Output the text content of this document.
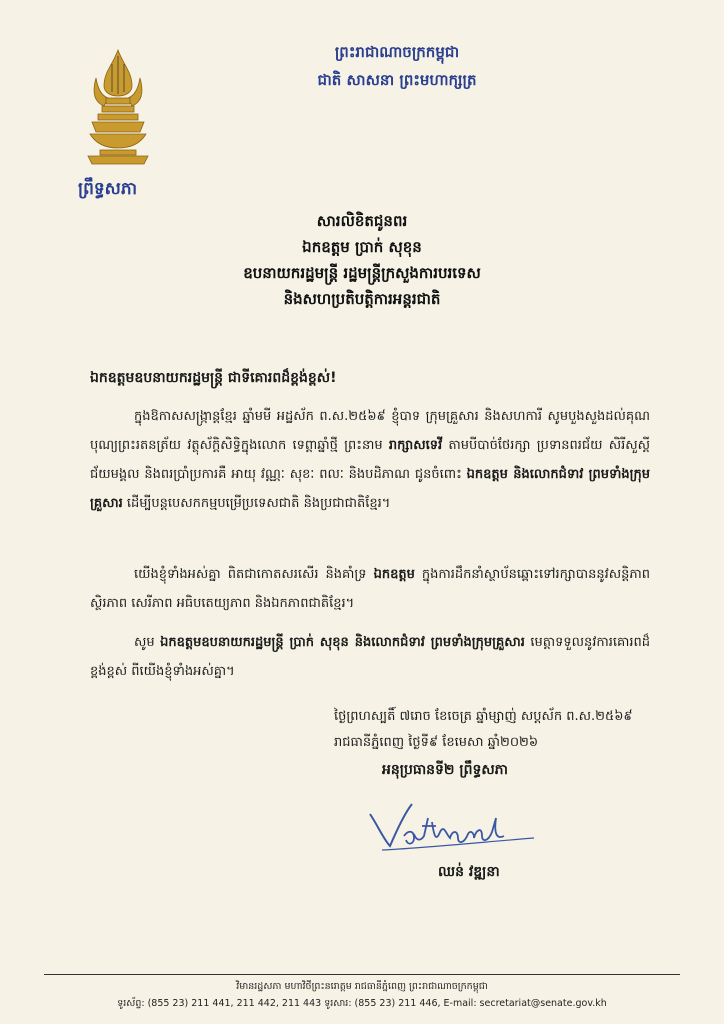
ព្រឹទ្ធសភា
ព្រះរាជាណាចក្រកម្ពុជា
ជាតិ សាសនា ព្រះមហាក្សត្រ
សារលិខិតជូនពរ
ឯកឧត្តម ប្រាក់ សុខុន
ឧបនាយករដ្ឋមន្ត្រី រដ្ឋមន្ត្រីក្រសួងការបរទេស
និងសហប្រតិបត្តិការអន្តរជាតិ
ឯកឧត្តមឧបនាយករដ្ឋមន្ត្រី ជាទីគោរពដ៏ខ្ពង់ខ្ពស់!
ក្នុងឱកាសសង្ក្រាន្តខ្មែរ ឆ្នាំមមី អដ្ឋស័ក ព.ស.២៥៦៩ ខ្ញុំបាទ ក្រុមគ្រួសារ និងសហការី សូមបួងសួងដល់គុណបុណ្យព្រះរតនត្រ័យ វត្ថុស័ក្តិសិទ្ធិក្នុងលោក ទេព្តាឆ្នាំថ្មី ព្រះនាម រាក្សាសទេវី តាមបីបាច់ថែរក្សា ប្រទានពរជ័យ សិរីសួស្តី ជ័យមង្គល និងពរប្រាំប្រការគឺ អាយុ វណ្ណៈ សុខៈ ពលៈ និងបដិភាណ ជូនចំពោះ ឯកឧត្តម និងលោកជំទាវ ព្រមទាំងក្រុមគ្រួសារ ដើម្បីបន្តបេសកកម្មបម្រើប្រទេសជាតិ និងប្រជាជាតិខ្មែរ។
យើងខ្ញុំទាំងអស់គ្នា ពិតជាកោតសរសើរ និងគាំទ្រ ឯកឧត្តម ក្នុងការដឹកនាំស្ថាប័នឆ្ពោះទៅរក្សាបាននូវសន្តិភាព ស្ថិរភាព សេរីភាព អធិបតេយ្យភាព និងឯកភាពជាតិខ្មែរ។
សូម ឯកឧត្តមឧបនាយករដ្ឋមន្ត្រី ប្រាក់ សុខុន និងលោកជំទាវ ព្រមទាំងក្រុមគ្រួសារ មេត្តាទទួលនូវការគោរពដ៏ខ្ពង់ខ្ពស់ ពីយើងខ្ញុំទាំងអស់គ្នា។
ថ្ងៃព្រហស្បតិ៍ ៧រោច ខែចេត្រ ឆ្នាំម្សាញ់ សប្តស័ក ព.ស.២៥៦៩
រាជធានីភ្នំពេញ ថ្ងៃទី៩ ខែមេសា ឆ្នាំ២០២៦
អនុប្រធានទី២ ព្រឹទ្ធសភា
ឈន់ វឌ្ឍនា
វិមានរដ្ឋសភា មហាវិថីព្រះនរោត្តម រាជធានីភ្នំពេញ ព្រះរាជាណាចក្រកម្ពុជា
ទូរស័ព្ទ: (855 23) 211 441, 211 442, 211 443 ទូរសារ: (855 23) 211 446, E-mail: secretariat@senate.gov.kh
